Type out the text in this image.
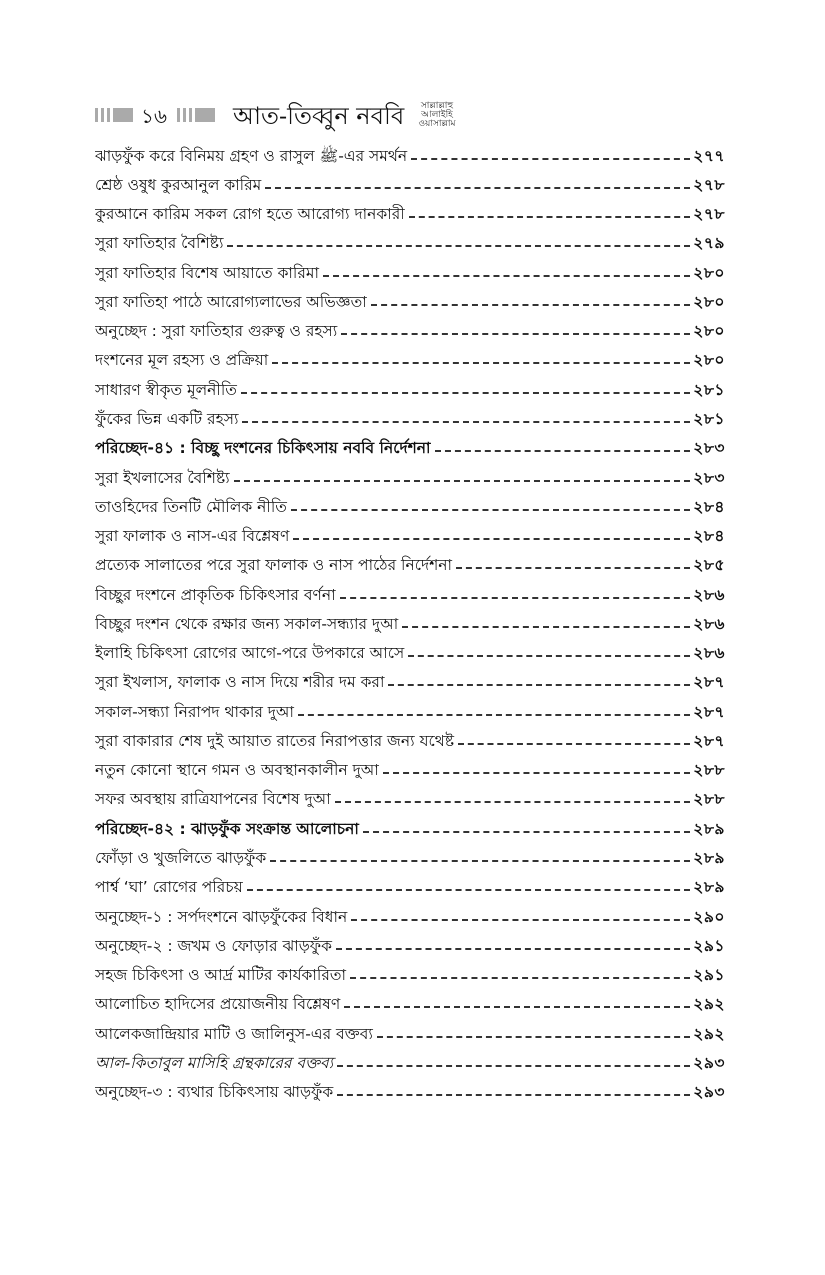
১৬	আত-তিব্বুন নববি	সাল্লাল্লাহু
আলাইহি
ওয়াসাল্লাম
ঝাড়ফুঁক করে বিনিময় গ্রহণ ও রাসুল ﷺ-এর সমর্থন	২৭৭
শ্রেষ্ঠ ওষুধ কুরআনুল কারিম	২৭৮
কুরআনে কারিম সকল রোগ হতে আরোগ্য দানকারী	২৭৮
সুরা ফাতিহার বৈশিষ্ট্য	২৭৯
সুরা ফাতিহার বিশেষ আয়াতে কারিমা	২৮০
সুরা ফাতিহা পাঠে আরোগ্যলাভের অভিজ্ঞতা	২৮০
অনুচ্ছেদ : সুরা ফাতিহার গুরুত্ব ও রহস্য	২৮০
দংশনের মূল রহস্য ও প্রক্রিয়া	২৮০
সাধারণ স্বীকৃত মূলনীতি	২৮১
ফুঁকের ভিন্ন একটি রহস্য	২৮১
পরিচ্ছেদ-৪১ : বিচ্ছু দংশনের চিকিৎসায় নববি নির্দেশনা	২৮৩
সুরা ইখলাসের বৈশিষ্ট্য	২৮৩
তাওহিদের তিনটি মৌলিক নীতি	২৮৪
সুরা ফালাক ও নাস-এর বিশ্লেষণ	২৮৪
প্রত্যেক সালাতের পরে সুরা ফালাক ও নাস পাঠের নির্দেশনা	২৮৫
বিচ্ছুর দংশনে প্রাকৃতিক চিকিৎসার বর্ণনা	২৮৬
বিচ্ছুর দংশন থেকে রক্ষার জন্য সকাল-সন্ধ্যার দুআ	২৮৬
ইলাহি চিকিৎসা রোগের আগে-পরে উপকারে আসে	২৮৬
সুরা ইখলাস, ফালাক ও নাস দিয়ে শরীর দম করা	২৮৭
সকাল-সন্ধ্যা নিরাপদ থাকার দুআ	২৮৭
সুরা বাকারার শেষ দুই আয়াত রাতের নিরাপত্তার জন্য যথেষ্ট	২৮৭
নতুন কোনো স্থানে গমন ও অবস্থানকালীন দুআ	২৮৮
সফর অবস্থায় রাত্রিযাপনের বিশেষ দুআ	২৮৮
পরিচ্ছেদ-৪২ : ঝাড়ফুঁক সংক্রান্ত আলোচনা	২৮৯
ফোঁড়া ও খুজলিতে ঝাড়ফুঁক	২৮৯
পার্শ্ব ‘ঘা’ রোগের পরিচয়	২৮৯
অনুচ্ছেদ-১ : সর্পদংশনে ঝাড়ফুঁকের বিধান	২৯০
অনুচ্ছেদ-২ : জখম ও ফোড়ার ঝাড়ফুঁক	২৯১
সহজ চিকিৎসা ও আর্দ্র মাটির কার্যকারিতা	২৯১
আলোচিত হাদিসের প্রয়োজনীয় বিশ্লেষণ	২৯২
আলেকজান্দ্রিয়ার মাটি ও জালিনুস-এর বক্তব্য	২৯২
আল-কিতাবুল মাসিহি গ্রন্থকারের বক্তব্য	২৯৩
অনুচ্ছেদ-৩ : ব্যথার চিকিৎসায় ঝাড়ফুঁক	২৯৩
